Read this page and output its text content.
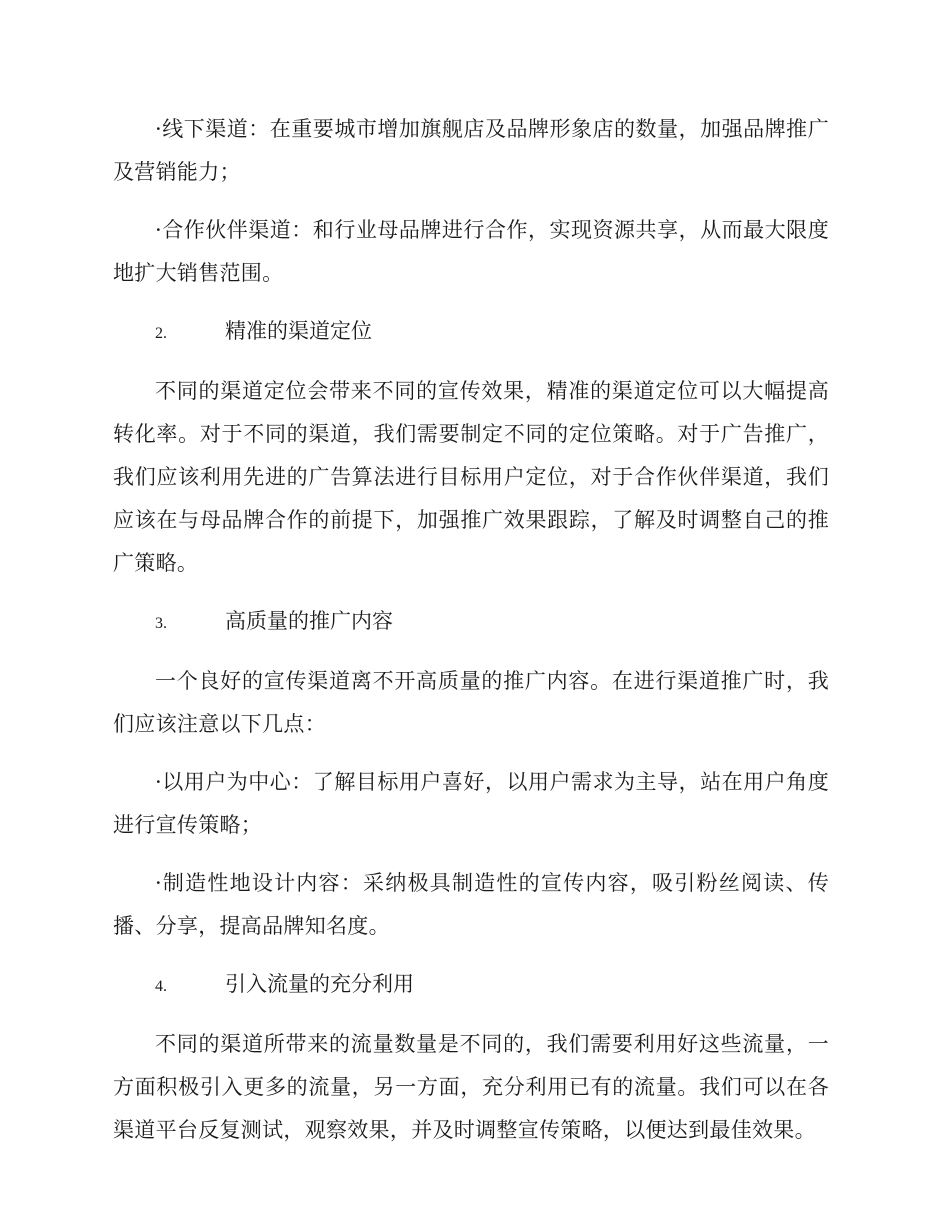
·线下渠道：在重要城市增加旗舰店及品牌形象店的数量，加强品牌推广及营销能力；

·合作伙伴渠道：和行业母品牌进行合作，实现资源共享，从而最大限度地扩大销售范围。

2.	精准的渠道定位

不同的渠道定位会带来不同的宣传效果，精准的渠道定位可以大幅提高转化率。对于不同的渠道，我们需要制定不同的定位策略。对于广告推广，我们应该利用先进的广告算法进行目标用户定位，对于合作伙伴渠道，我们应该在与母品牌合作的前提下，加强推广效果跟踪，了解及时调整自己的推广策略。

3.	高质量的推广内容

一个良好的宣传渠道离不开高质量的推广内容。在进行渠道推广时，我们应该注意以下几点：

·以用户为中心：了解目标用户喜好，以用户需求为主导，站在用户角度进行宣传策略；

·制造性地设计内容：采纳极具制造性的宣传内容，吸引粉丝阅读、传播、分享，提高品牌知名度。

4.	引入流量的充分利用

不同的渠道所带来的流量数量是不同的，我们需要利用好这些流量，一方面积极引入更多的流量，另一方面，充分利用已有的流量。我们可以在各渠道平台反复测试，观察效果，并及时调整宣传策略，以便达到最佳效果。
